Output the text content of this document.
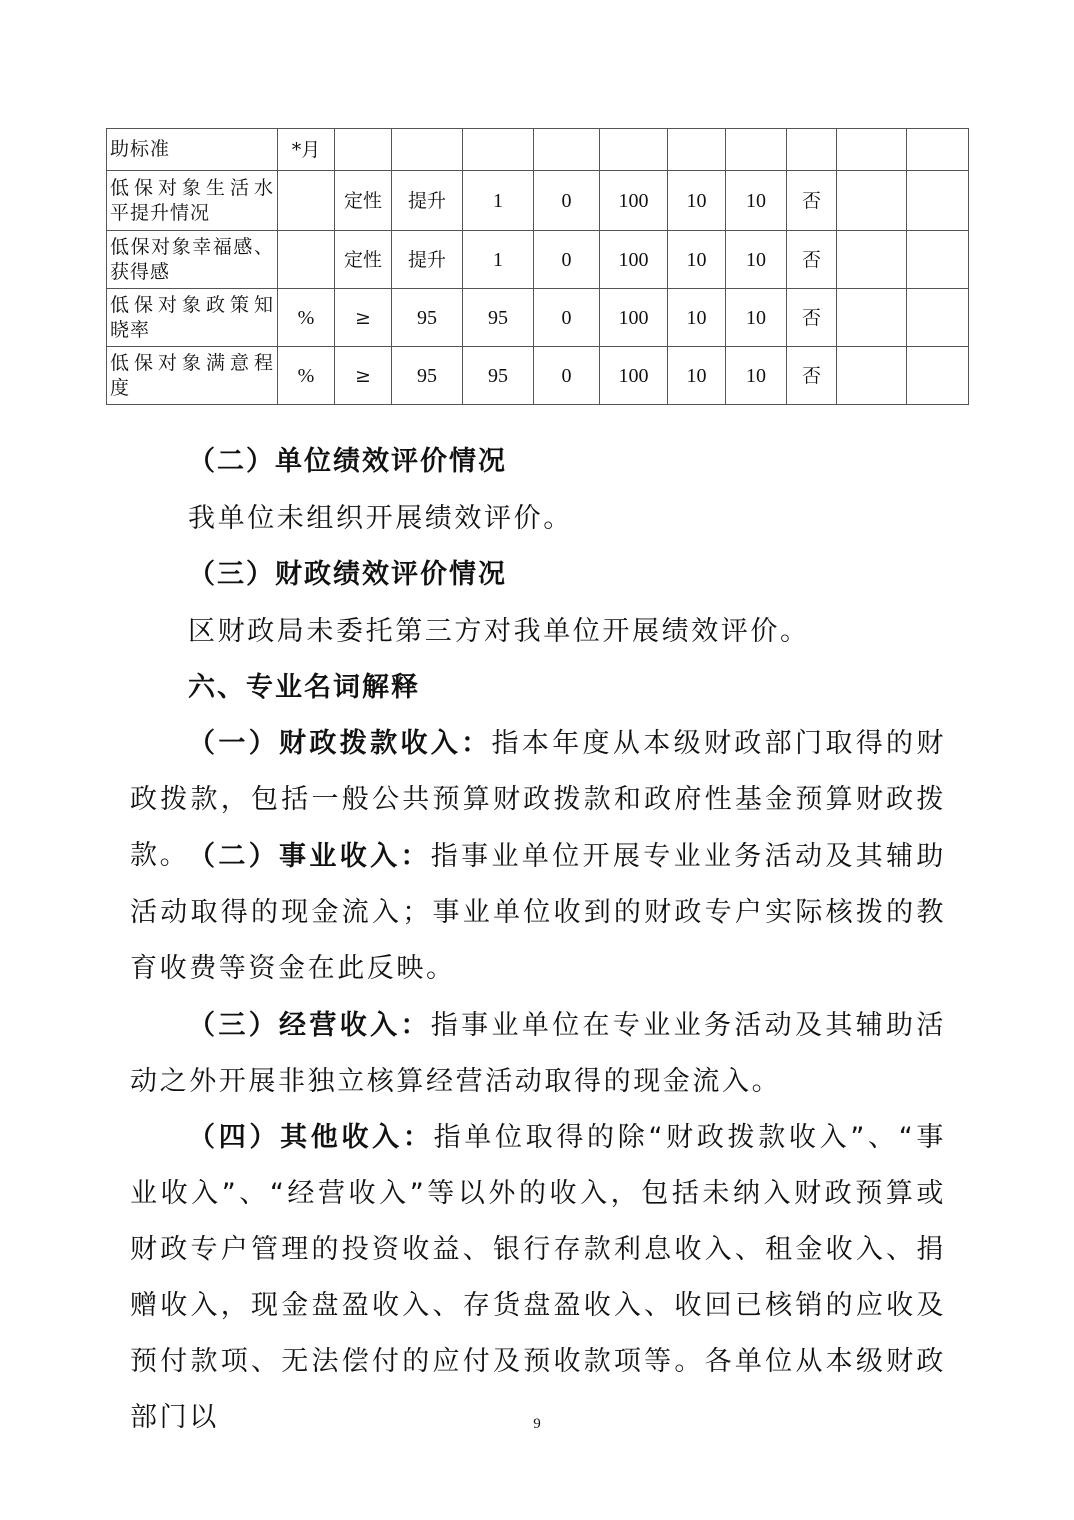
助标准	*月										

低保对象生活水
平提升情况		定性	提升	1	0	100	10	10	否		

低保对象幸福感、
获得感		定性	提升	1	0	100	10	10	否		

低保对象政策知
晓率	%	≥	95	95	0	100	10	10	否		

低保对象满意程
度	%	≥	95	95	0	100	10	10	否		

（二）单位绩效评价情况

我单位未组织开展绩效评价。

（三）财政绩效评价情况

区财政局未委托第三方对我单位开展绩效评价。

六、专业名词解释

（一）财政拨款收入：指本年度从本级财政部门取得的财政拨款，包括一般公共预算财政拨款和政府性基金预算财政拨款。

（二）事业收入：指事业单位开展专业业务活动及其辅助活动取得的现金流入；事业单位收到的财政专户实际核拨的教育收费等资金在此反映。

（三）经营收入：指事业单位在专业业务活动及其辅助活动之外开展非独立核算经营活动取得的现金流入。

（四）其他收入：指单位取得的除“财政拨款收入”、“事业收入”、“经营收入”等以外的收入，包括未纳入财政预算或财政专户管理的投资收益、银行存款利息收入、租金收入、捐赠收入，现金盘盈收入、存货盘盈收入、收回已核销的应收及预付款项、无法偿付的应付及预收款项等。各单位从本级财政部门以	9
